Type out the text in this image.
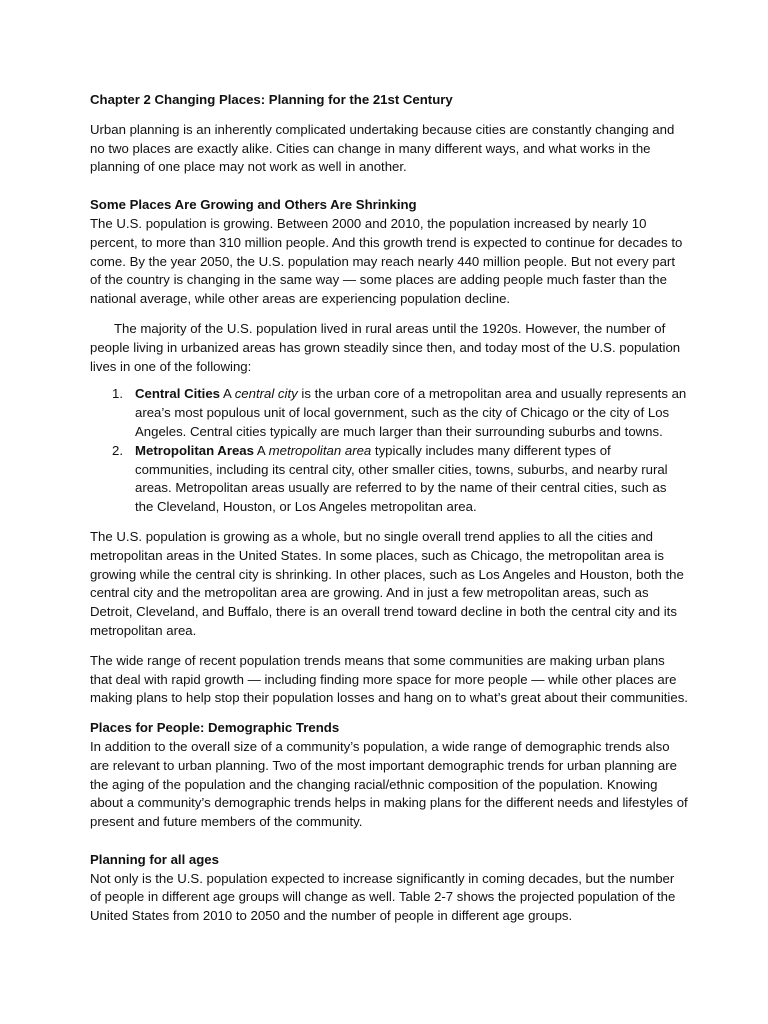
Chapter 2 Changing Places: Planning for the 21st Century

Urban planning is an inherently complicated undertaking because cities are constantly changing and no two places are exactly alike. Cities can change in many different ways, and what works in the planning of one place may not work as well in another.

Some Places Are Growing and Others Are Shrinking

The U.S. population is growing. Between 2000 and 2010, the population increased by nearly 10 percent, to more than 310 million people. And this growth trend is expected to continue for decades to come. By the year 2050, the U.S. population may reach nearly 440 million people. But not every part of the country is changing in the same way — some places are adding people much faster than the national average, while other areas are experiencing population decline.

The majority of the U.S. population lived in rural areas until the 1920s. However, the number of people living in urbanized areas has grown steadily since then, and today most of the U.S. population lives in one of the following:

1. Central Cities A central city is the urban core of a metropolitan area and usually represents an area’s most populous unit of local government, such as the city of Chicago or the city of Los Angeles. Central cities typically are much larger than their surrounding suburbs and towns.
2. Metropolitan Areas A metropolitan area typically includes many different types of communities, including its central city, other smaller cities, towns, suburbs, and nearby rural areas. Metropolitan areas usually are referred to by the name of their central cities, such as the Cleveland, Houston, or Los Angeles metropolitan area.

The U.S. population is growing as a whole, but no single overall trend applies to all the cities and metropolitan areas in the United States. In some places, such as Chicago, the metropolitan area is growing while the central city is shrinking. In other places, such as Los Angeles and Houston, both the central city and the metropolitan area are growing. And in just a few metropolitan areas, such as Detroit, Cleveland, and Buffalo, there is an overall trend toward decline in both the central city and its metropolitan area.

The wide range of recent population trends means that some communities are making urban plans that deal with rapid growth — including finding more space for more people — while other places are making plans to help stop their population losses and hang on to what’s great about their communities.

Places for People: Demographic Trends

In addition to the overall size of a community’s population, a wide range of demographic trends also are relevant to urban planning. Two of the most important demographic trends for urban planning are the aging of the population and the changing racial/ethnic composition of the population. Knowing about a community’s demographic trends helps in making plans for the different needs and lifestyles of present and future members of the community.

Planning for all ages

Not only is the U.S. population expected to increase significantly in coming decades, but the number of people in different age groups will change as well. Table 2-7 shows the projected population of the United States from 2010 to 2050 and the number of people in different age groups.
